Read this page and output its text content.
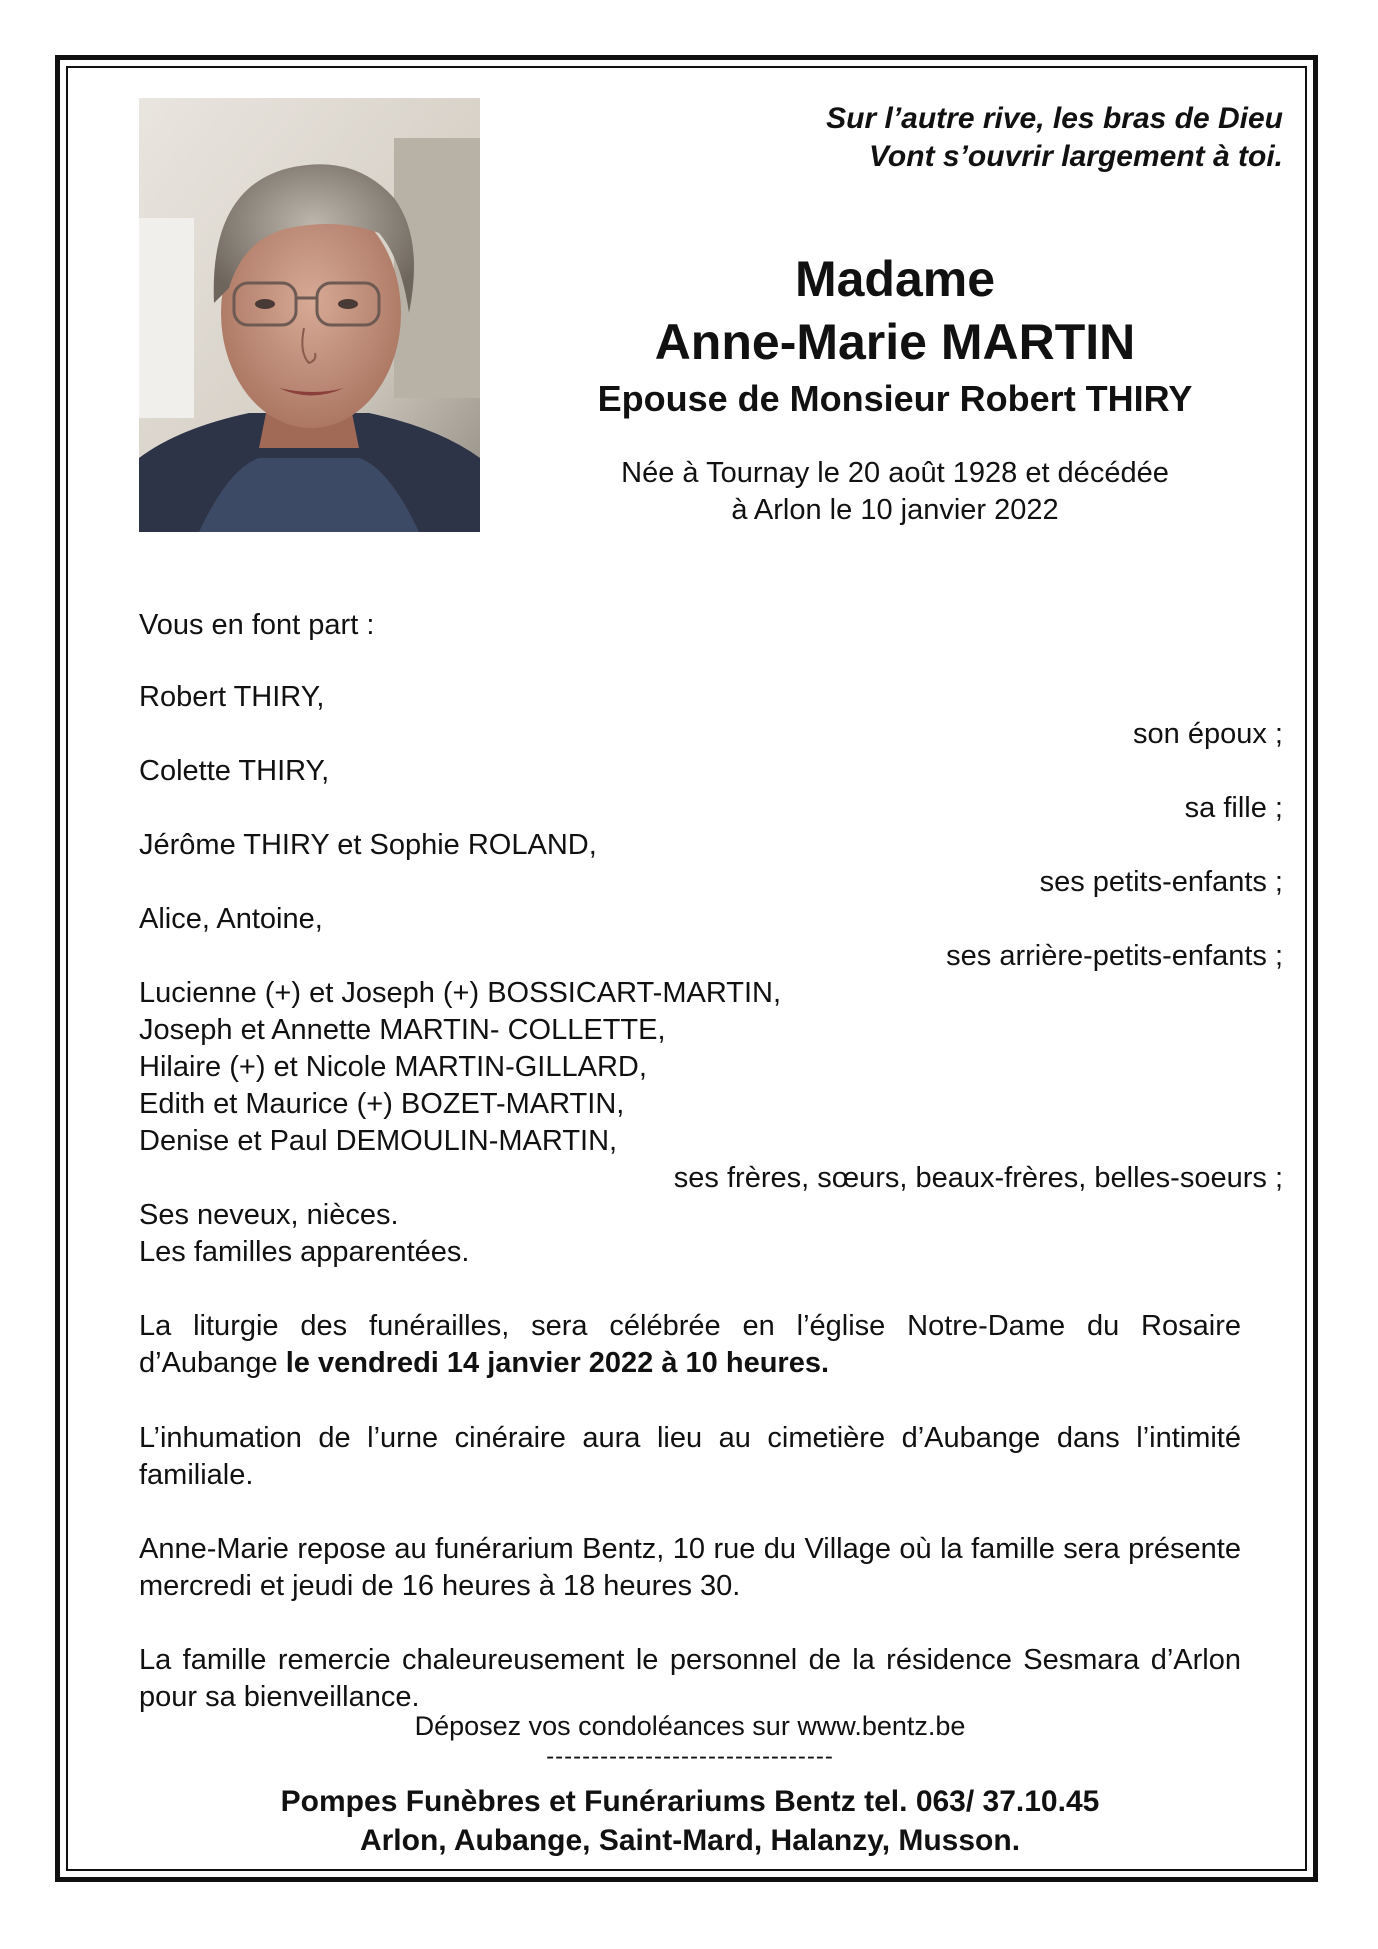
Sur l’autre rive, les bras de Dieu
Vont s’ouvrir largement à toi.
Madame
Anne-Marie MARTIN
Epouse de Monsieur Robert THIRY
Née à Tournay le 20 août 1928 et décédée
à Arlon le 10 janvier 2022
Vous en font part :
Robert THIRY,
son époux ;
Colette THIRY,
sa fille ;
Jérôme THIRY et Sophie ROLAND,
ses petits-enfants ;
Alice, Antoine,
ses arrière-petits-enfants ;
Lucienne (+) et Joseph (+) BOSSICART-MARTIN,
Joseph et Annette MARTIN- COLLETTE,
Hilaire (+) et Nicole MARTIN-GILLARD,
Edith et Maurice (+) BOZET-MARTIN,
Denise et Paul DEMOULIN-MARTIN,
ses frères, sœurs, beaux-frères, belles-soeurs ;
Ses neveux, nièces.
Les familles apparentées.
La liturgie des funérailles, sera célébrée en l’église Notre-Dame du Rosaire d’Aubange le vendredi 14 janvier 2022 à 10 heures.
L’inhumation de l’urne cinéraire aura lieu au cimetière d’Aubange dans l’intimité familiale.
Anne-Marie repose au funérarium Bentz, 10 rue du Village où la famille sera présente mercredi et jeudi de 16 heures à 18 heures 30.
La famille remercie chaleureusement le personnel de la résidence Sesmara d’Arlon pour sa bienveillance.
Déposez vos condoléances sur www.bentz.be
--------------------------------
Pompes Funèbres et Funérariums Bentz tel. 063/ 37.10.45
Arlon, Aubange, Saint-Mard, Halanzy, Musson.
